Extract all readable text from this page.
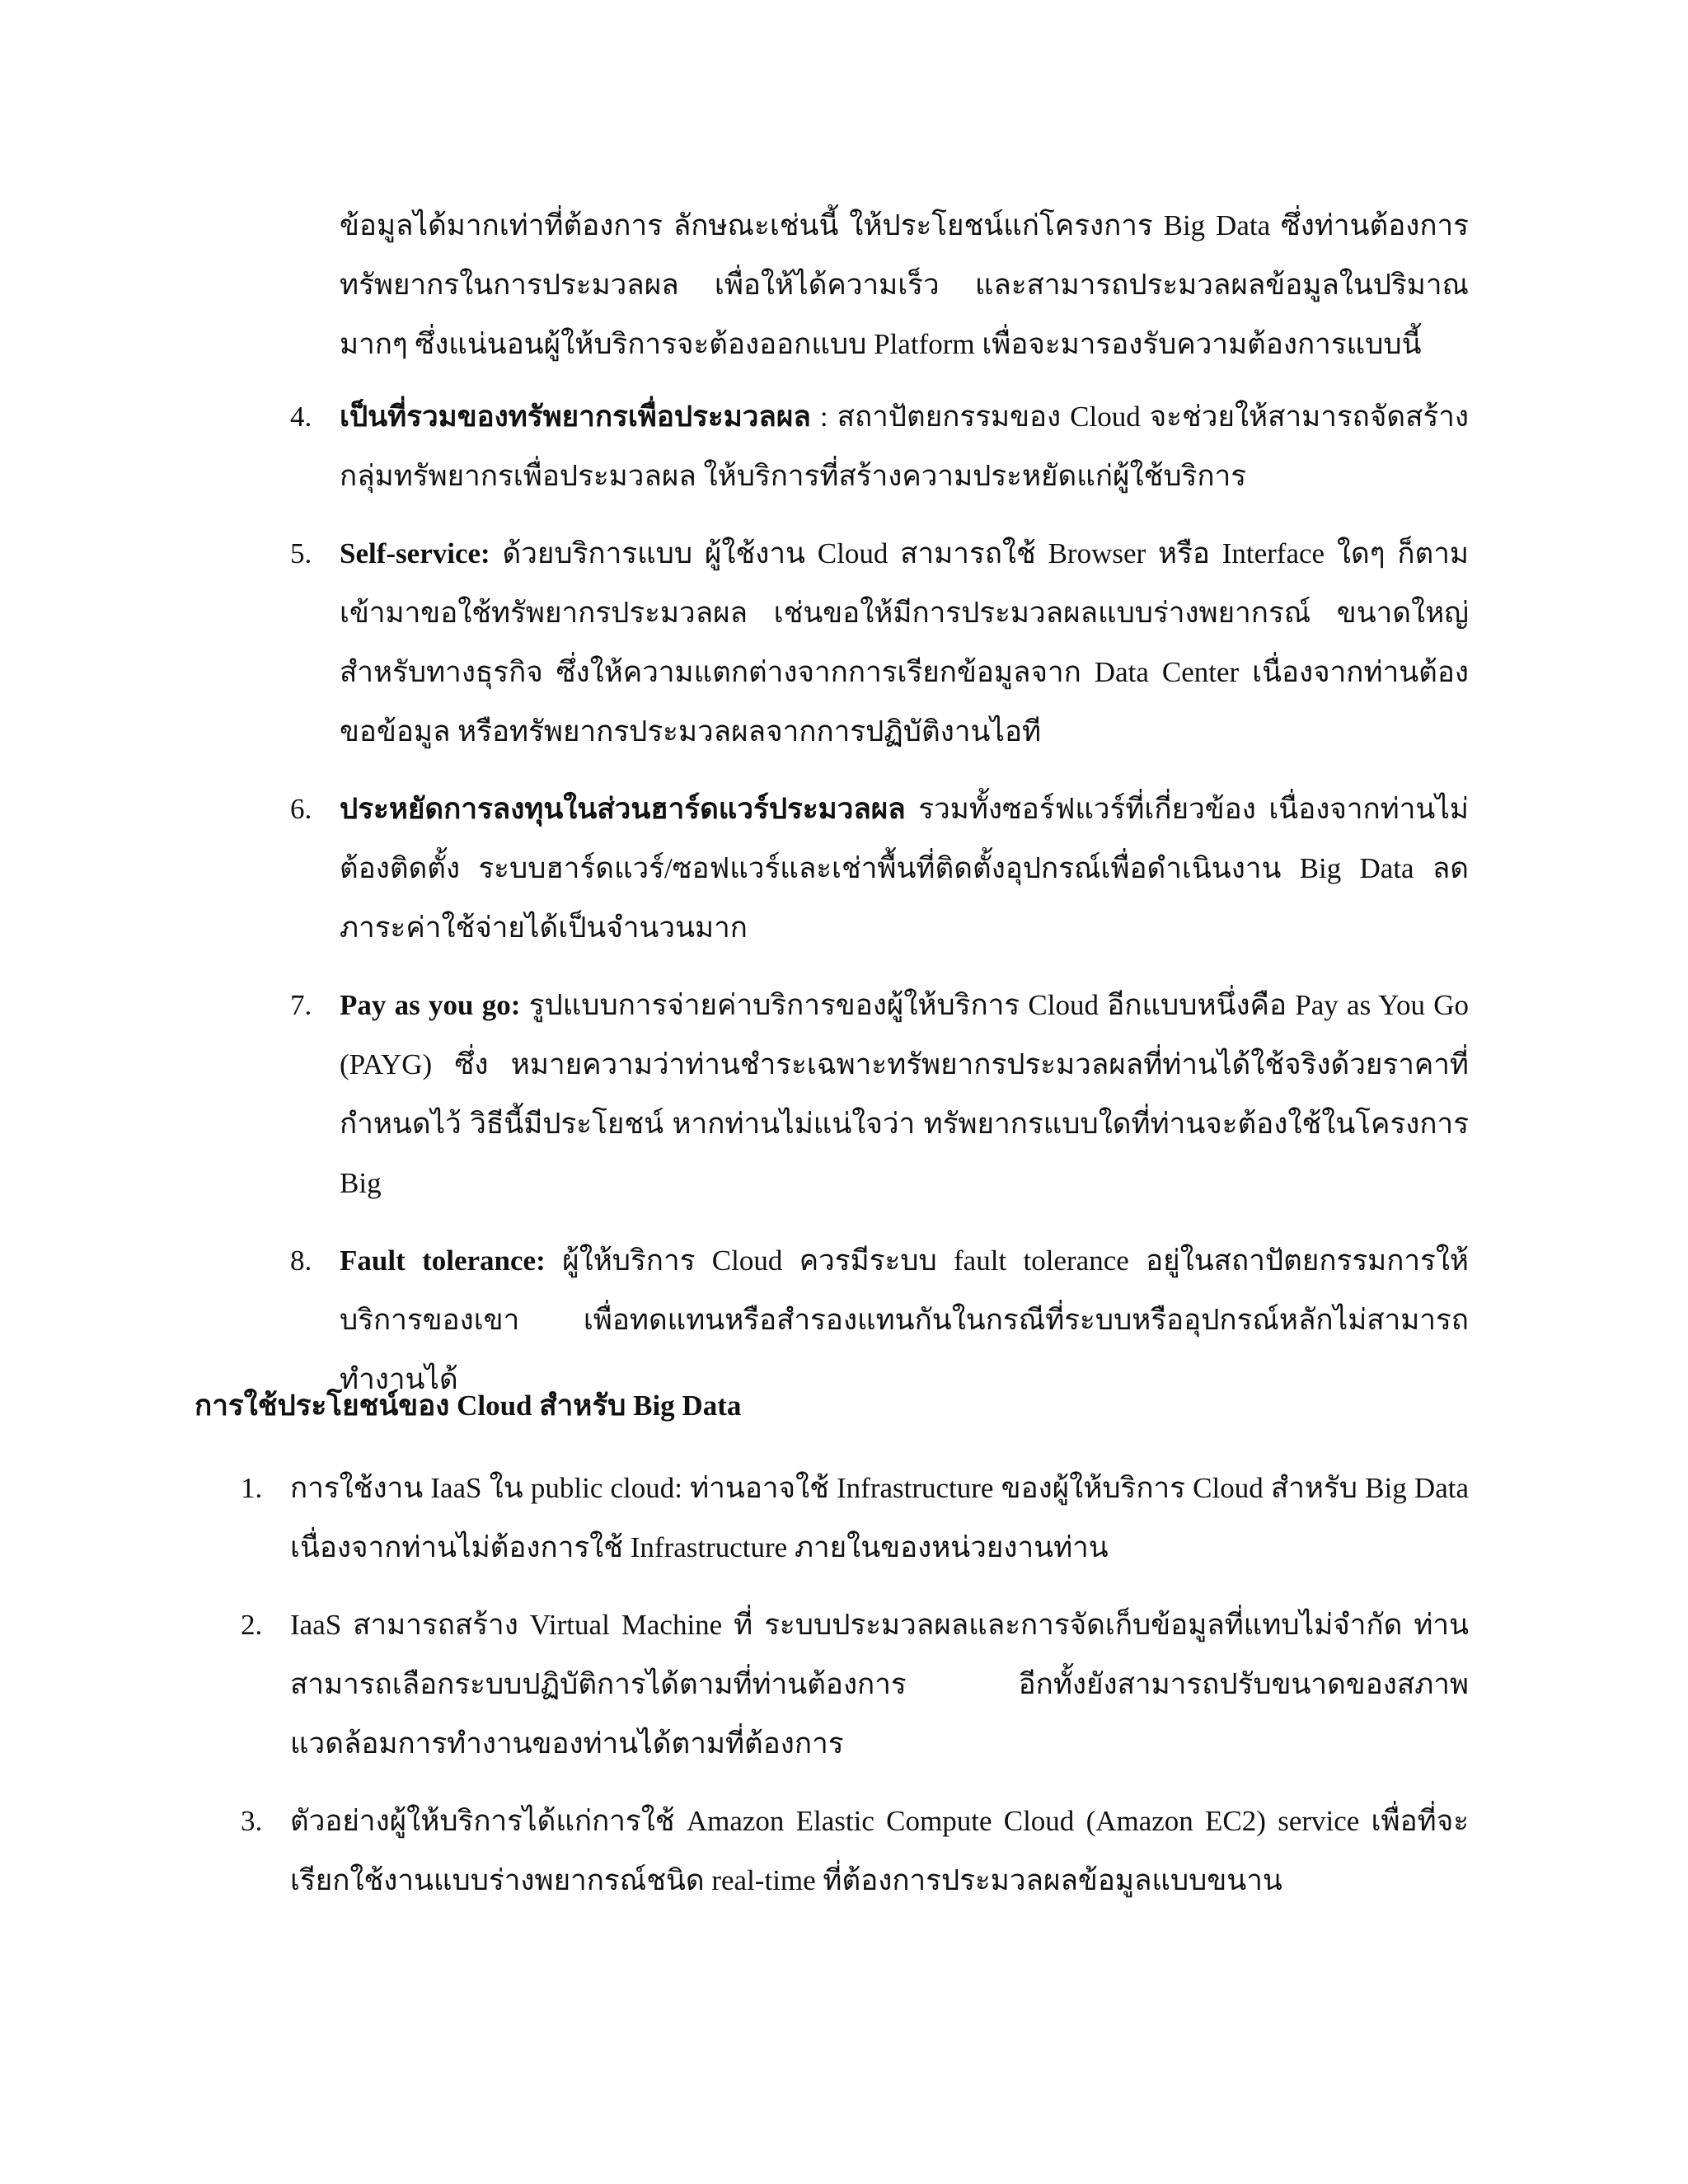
ข้อมูลได้มากเท่าที่ต้องการ ลักษณะเช่นนี้ ให้ประโยชน์แก่โครงการ Big Data ซึ่งท่านต้องการทรัพยากรในการประมวลผล เพื่อให้ได้ความเร็ว และสามารถประมวลผลข้อมูลในปริมาณมากๆ ซึ่งแน่นอนผู้ให้บริการจะต้องออกแบบ Platform เพื่อจะมารองรับความต้องการแบบนี้

4. เป็นที่รวมของทรัพยากรเพื่อประมวลผล : สถาปัตยกรรมของ Cloud จะช่วยให้สามารถจัดสร้างกลุ่มทรัพยากรเพื่อประมวลผล ให้บริการที่สร้างความประหยัดแก่ผู้ใช้บริการ
5. Self-service: ด้วยบริการแบบ ผู้ใช้งาน Cloud สามารถใช้ Browser หรือ Interface ใดๆ ก็ตาม เข้ามาขอใช้ทรัพยากรประมวลผล เช่นขอให้มีการประมวลผลแบบร่างพยากรณ์ ขนาดใหญ่สำหรับทางธุรกิจ ซึ่งให้ความแตกต่างจากการเรียกข้อมูลจาก Data Center เนื่องจากท่านต้องขอข้อมูล หรือทรัพยากรประมวลผลจากการปฏิบัติงานไอที
6. ประหยัดการลงทุนในส่วนฮาร์ดแวร์ประมวลผล รวมทั้งซอร์ฟแวร์ที่เกี่ยวข้อง เนื่องจากท่านไม่ต้องติดตั้ง ระบบฮาร์ดแวร์/ซอฟแวร์และเช่าพื้นที่ติดตั้งอุปกรณ์เพื่อดำเนินงาน Big Data ลดภาระค่าใช้จ่ายได้เป็นจำนวนมาก
7. Pay as you go: รูปแบบการจ่ายค่าบริการของผู้ให้บริการ Cloud อีกแบบหนึ่งคือ Pay as You Go (PAYG) ซึ่ง หมายความว่าท่านชำระเฉพาะทรัพยากรประมวลผลที่ท่านได้ใช้จริงด้วยราคาที่กำหนดไว้ วิธีนี้มีประโยชน์ หากท่านไม่แน่ใจว่า ทรัพยากรแบบใดที่ท่านจะต้องใช้ในโครงการ Big
8. Fault tolerance: ผู้ให้บริการ Cloud ควรมีระบบ fault tolerance อยู่ในสถาปัตยกรรมการให้บริการของเขา เพื่อทดแทนหรือสำรองแทนกันในกรณีที่ระบบหรืออุปกรณ์หลักไม่สามารถทำงานได้
การใช้ประโยชน์ของ Cloud สำหรับ Big Data
1. การใช้งาน IaaS ใน public cloud: ท่านอาจใช้ Infrastructure ของผู้ให้บริการ Cloud สำหรับ Big Data เนื่องจากท่านไม่ต้องการใช้ Infrastructure ภายในของหน่วยงานท่าน
2. IaaS สามารถสร้าง Virtual Machine ที่ ระบบประมวลผลและการจัดเก็บข้อมูลที่แทบไม่จำกัด ท่านสามารถเลือกระบบปฏิบัติการได้ตามที่ท่านต้องการ อีกทั้งยังสามารถปรับขนาดของสภาพแวดล้อมการทำงานของท่านได้ตามที่ต้องการ
3. ตัวอย่างผู้ให้บริการได้แก่การใช้ Amazon Elastic Compute Cloud (Amazon EC2) service เพื่อที่จะเรียกใช้งานแบบร่างพยากรณ์ชนิด real-time ที่ต้องการประมวลผลข้อมูลแบบขนาน
